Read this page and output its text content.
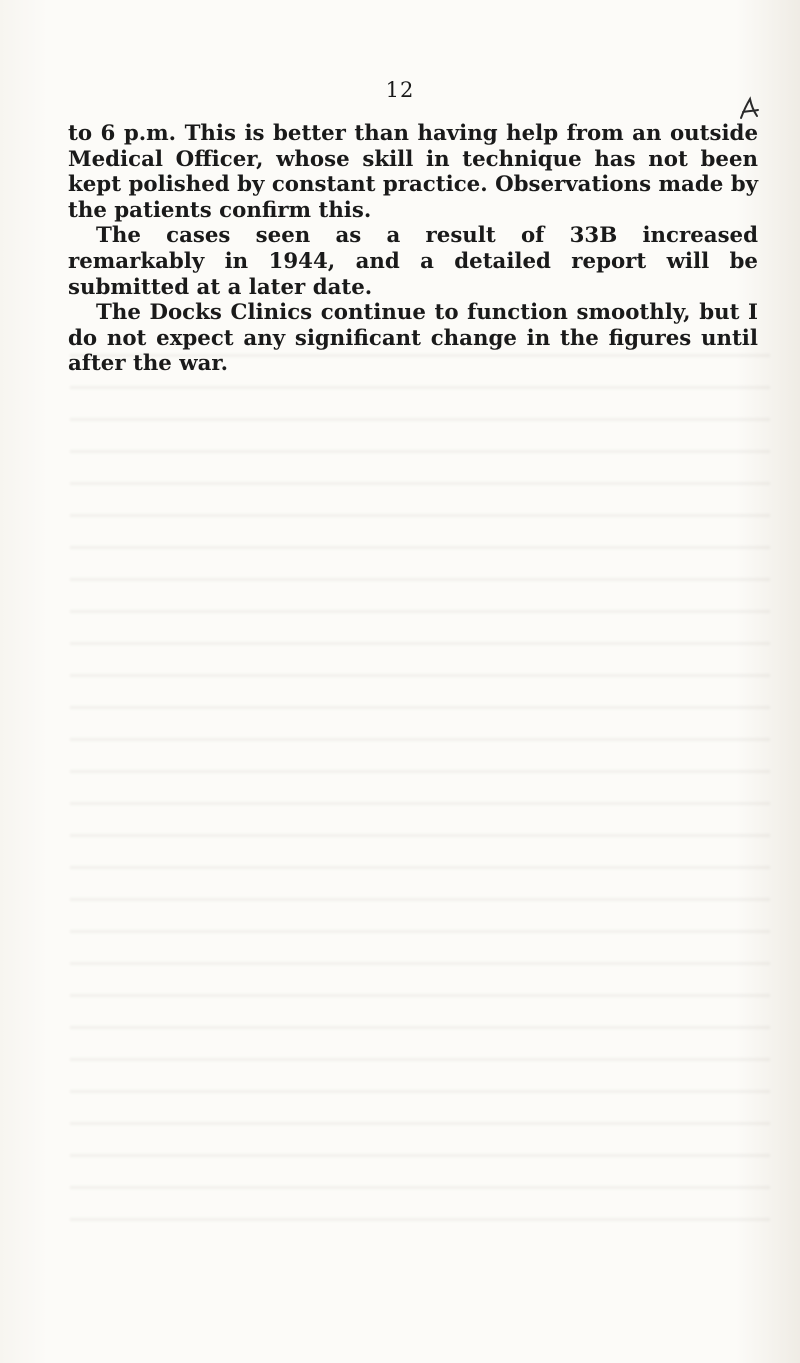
12

to 6 p.m. This is better than having help from an outside Medical Officer, whose skill in technique has not been kept polished by constant practice. Observations made by the patients confirm this.

The cases seen as a result of 33B increased remarkably in 1944, and a detailed report will be submitted at a later date.

The Docks Clinics continue to function smoothly, but I do not expect any significant change in the figures until after the war.
